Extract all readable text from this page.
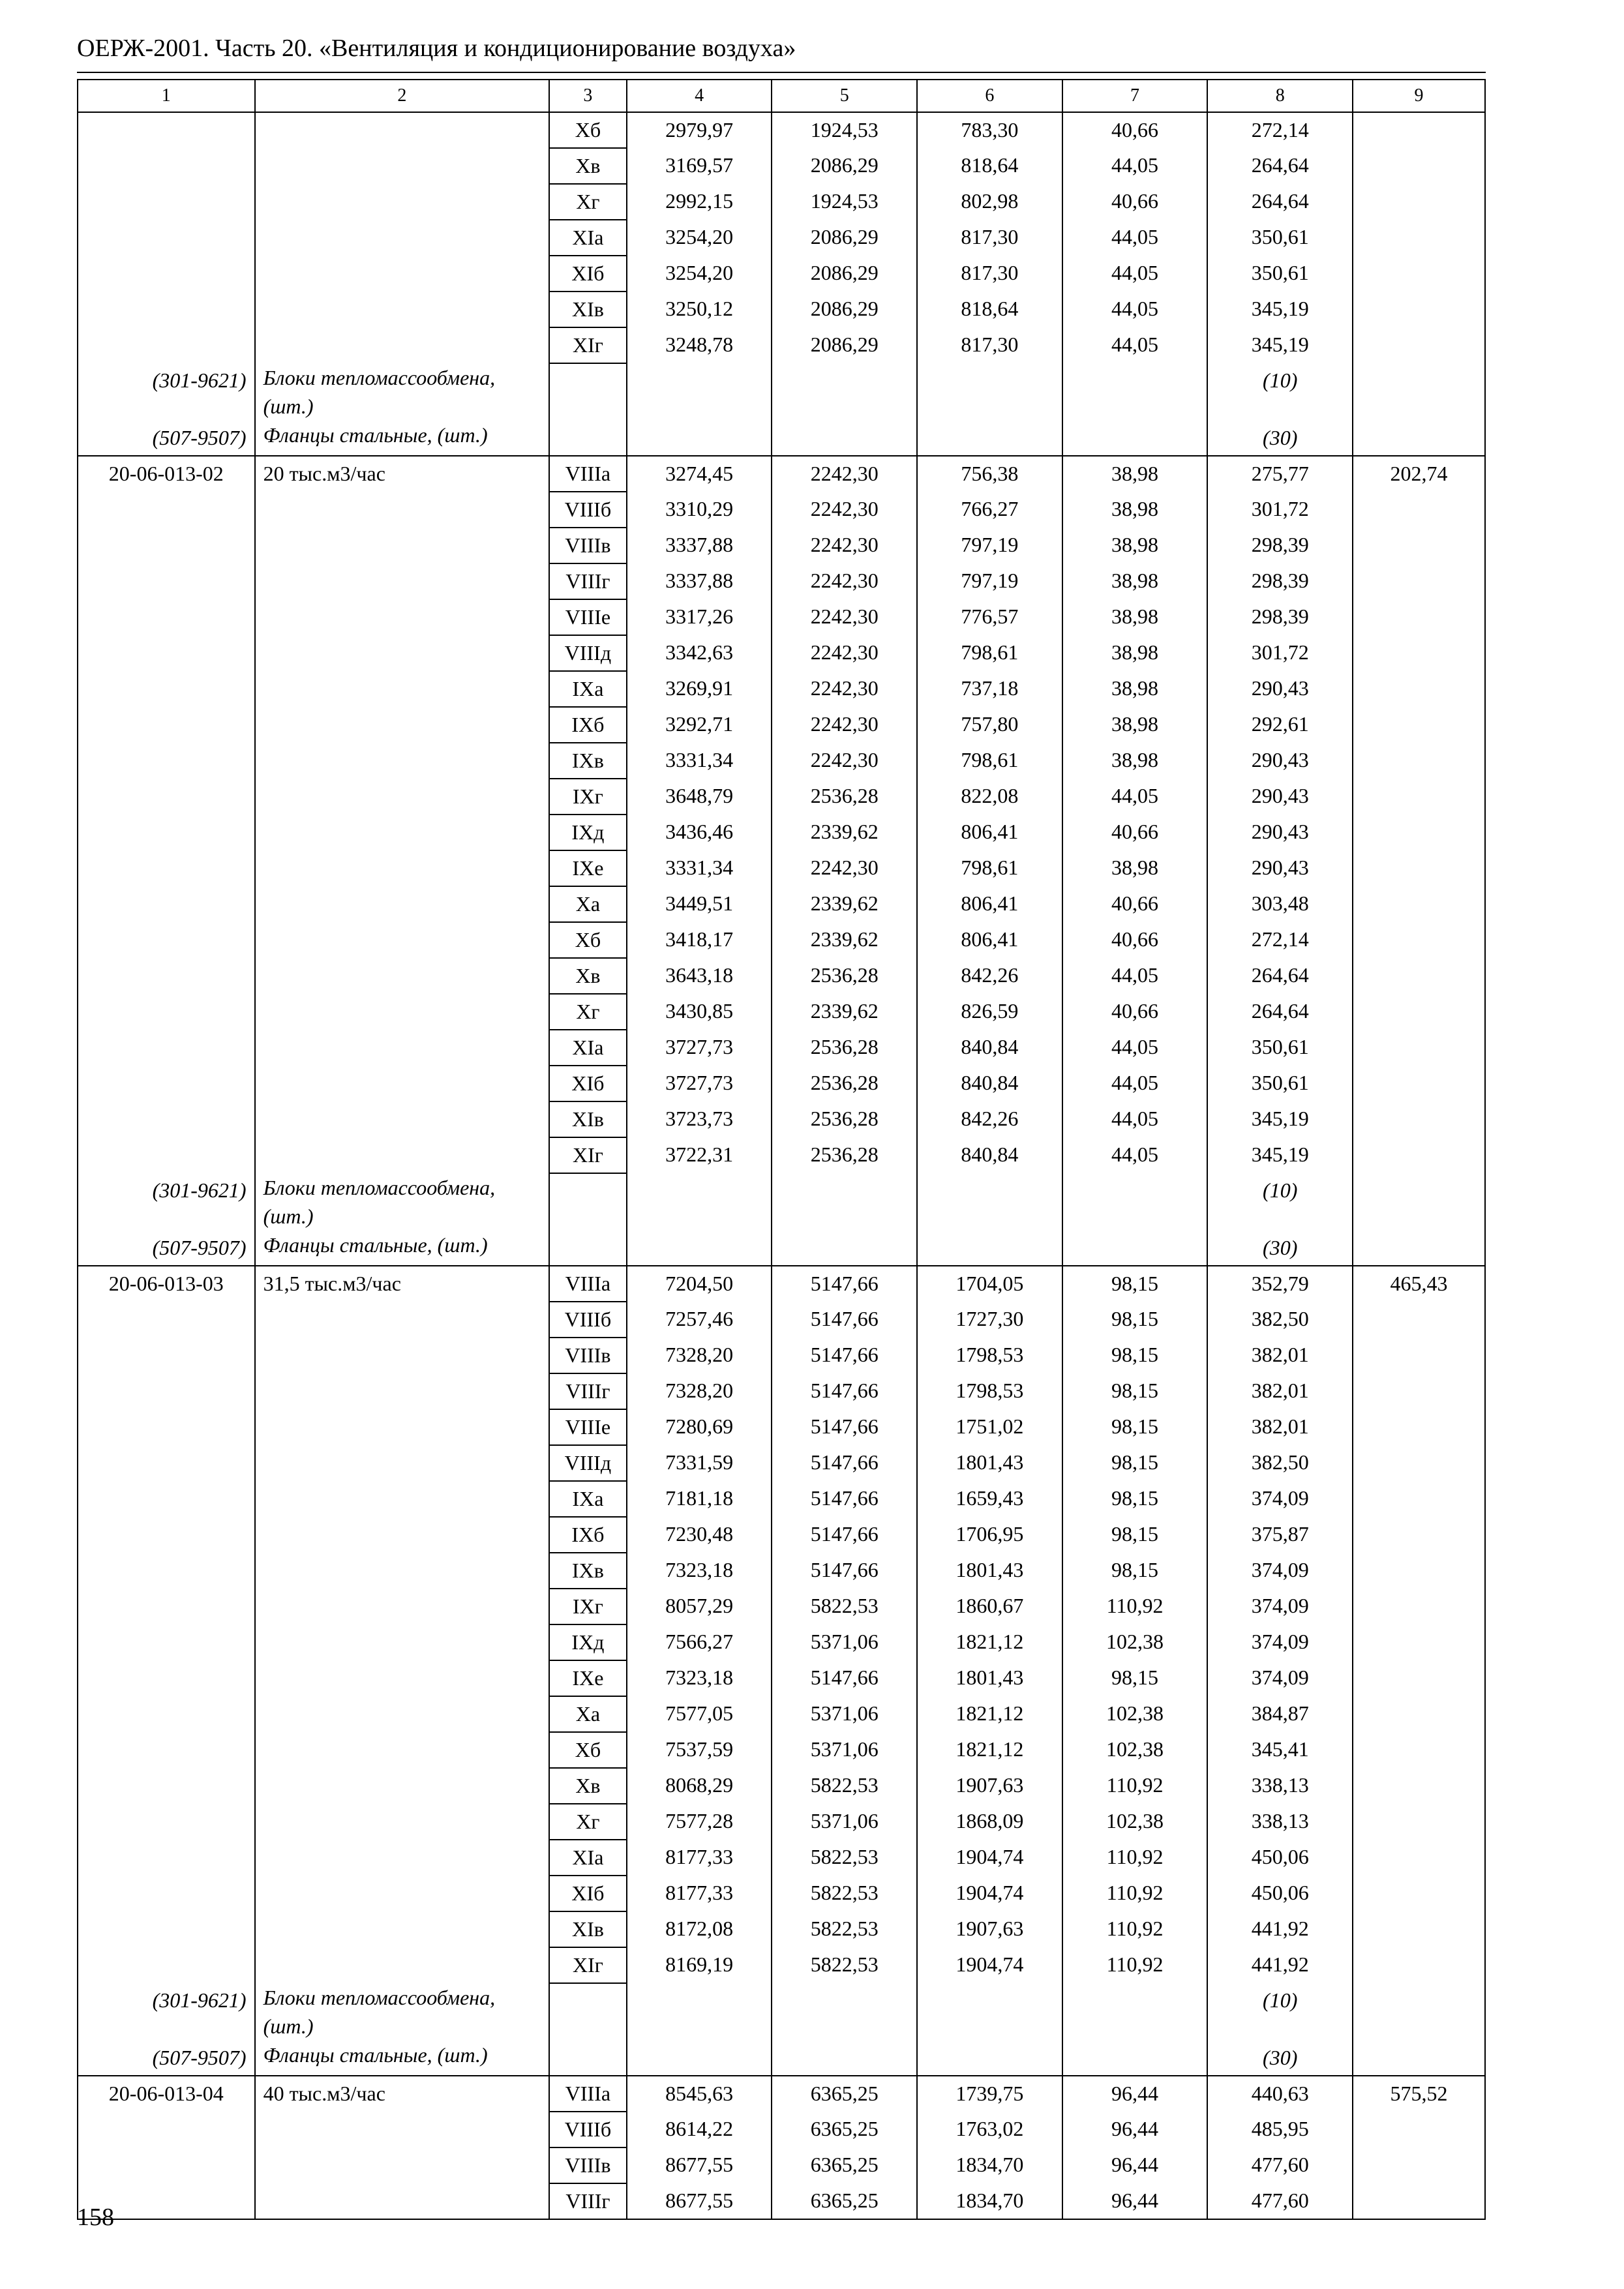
ОЕРЖ-2001. Часть 20. «Вентиляция и кондиционирование воздуха»
1	2	3	4	5	6	7	8	9
		Хб	2979,97	1924,53	783,30	40,66	272,14	
		Хв	3169,57	2086,29	818,64	44,05	264,64	
		Хг	2992,15	1924,53	802,98	40,66	264,64	
		XIа	3254,20	2086,29	817,30	44,05	350,61	
		XIб	3254,20	2086,29	817,30	44,05	350,61	
		XIв	3250,12	2086,29	818,64	44,05	345,19	
		XIг	3248,78	2086,29	817,30	44,05	345,19	
(301-9621)	Блоки тепломассообмена, (шт.)						(10)	
(507-9507)	Фланцы стальные, (шт.)						(30)	
20-06-013-02	20 тыс.м3/час	VIIIа	3274,45	2242,30	756,38	38,98	275,77	202,74
		VIIIб	3310,29	2242,30	766,27	38,98	301,72	
		VIIIв	3337,88	2242,30	797,19	38,98	298,39	
		VIIIг	3337,88	2242,30	797,19	38,98	298,39	
		VIIIе	3317,26	2242,30	776,57	38,98	298,39	
		VIIIд	3342,63	2242,30	798,61	38,98	301,72	
		IХа	3269,91	2242,30	737,18	38,98	290,43	
		IХб	3292,71	2242,30	757,80	38,98	292,61	
		IХв	3331,34	2242,30	798,61	38,98	290,43	
		IХг	3648,79	2536,28	822,08	44,05	290,43	
		IХд	3436,46	2339,62	806,41	40,66	290,43	
		IХе	3331,34	2242,30	798,61	38,98	290,43	
		Ха	3449,51	2339,62	806,41	40,66	303,48	
		Хб	3418,17	2339,62	806,41	40,66	272,14	
		Хв	3643,18	2536,28	842,26	44,05	264,64	
		Хг	3430,85	2339,62	826,59	40,66	264,64	
		XIа	3727,73	2536,28	840,84	44,05	350,61	
		XIб	3727,73	2536,28	840,84	44,05	350,61	
		XIв	3723,73	2536,28	842,26	44,05	345,19	
		XIг	3722,31	2536,28	840,84	44,05	345,19	
(301-9621)	Блоки тепломассообмена, (шт.)						(10)	
(507-9507)	Фланцы стальные, (шт.)						(30)	
20-06-013-03	31,5 тыс.м3/час	VIIIа	7204,50	5147,66	1704,05	98,15	352,79	465,43
		VIIIб	7257,46	5147,66	1727,30	98,15	382,50	
		VIIIв	7328,20	5147,66	1798,53	98,15	382,01	
		VIIIг	7328,20	5147,66	1798,53	98,15	382,01	
		VIIIе	7280,69	5147,66	1751,02	98,15	382,01	
		VIIIд	7331,59	5147,66	1801,43	98,15	382,50	
		IХа	7181,18	5147,66	1659,43	98,15	374,09	
		IХб	7230,48	5147,66	1706,95	98,15	375,87	
		IХв	7323,18	5147,66	1801,43	98,15	374,09	
		IХг	8057,29	5822,53	1860,67	110,92	374,09	
		IХд	7566,27	5371,06	1821,12	102,38	374,09	
		IХе	7323,18	5147,66	1801,43	98,15	374,09	
		Ха	7577,05	5371,06	1821,12	102,38	384,87	
		Хб	7537,59	5371,06	1821,12	102,38	345,41	
		Хв	8068,29	5822,53	1907,63	110,92	338,13	
		Хг	7577,28	5371,06	1868,09	102,38	338,13	
		XIа	8177,33	5822,53	1904,74	110,92	450,06	
		XIб	8177,33	5822,53	1904,74	110,92	450,06	
		XIв	8172,08	5822,53	1907,63	110,92	441,92	
		XIг	8169,19	5822,53	1904,74	110,92	441,92	
(301-9621)	Блоки тепломассообмена, (шт.)						(10)	
(507-9507)	Фланцы стальные, (шт.)						(30)	
20-06-013-04	40 тыс.м3/час	VIIIа	8545,63	6365,25	1739,75	96,44	440,63	575,52
		VIIIб	8614,22	6365,25	1763,02	96,44	485,95	
		VIIIв	8677,55	6365,25	1834,70	96,44	477,60	
		VIIIг	8677,55	6365,25	1834,70	96,44	477,60	
158
